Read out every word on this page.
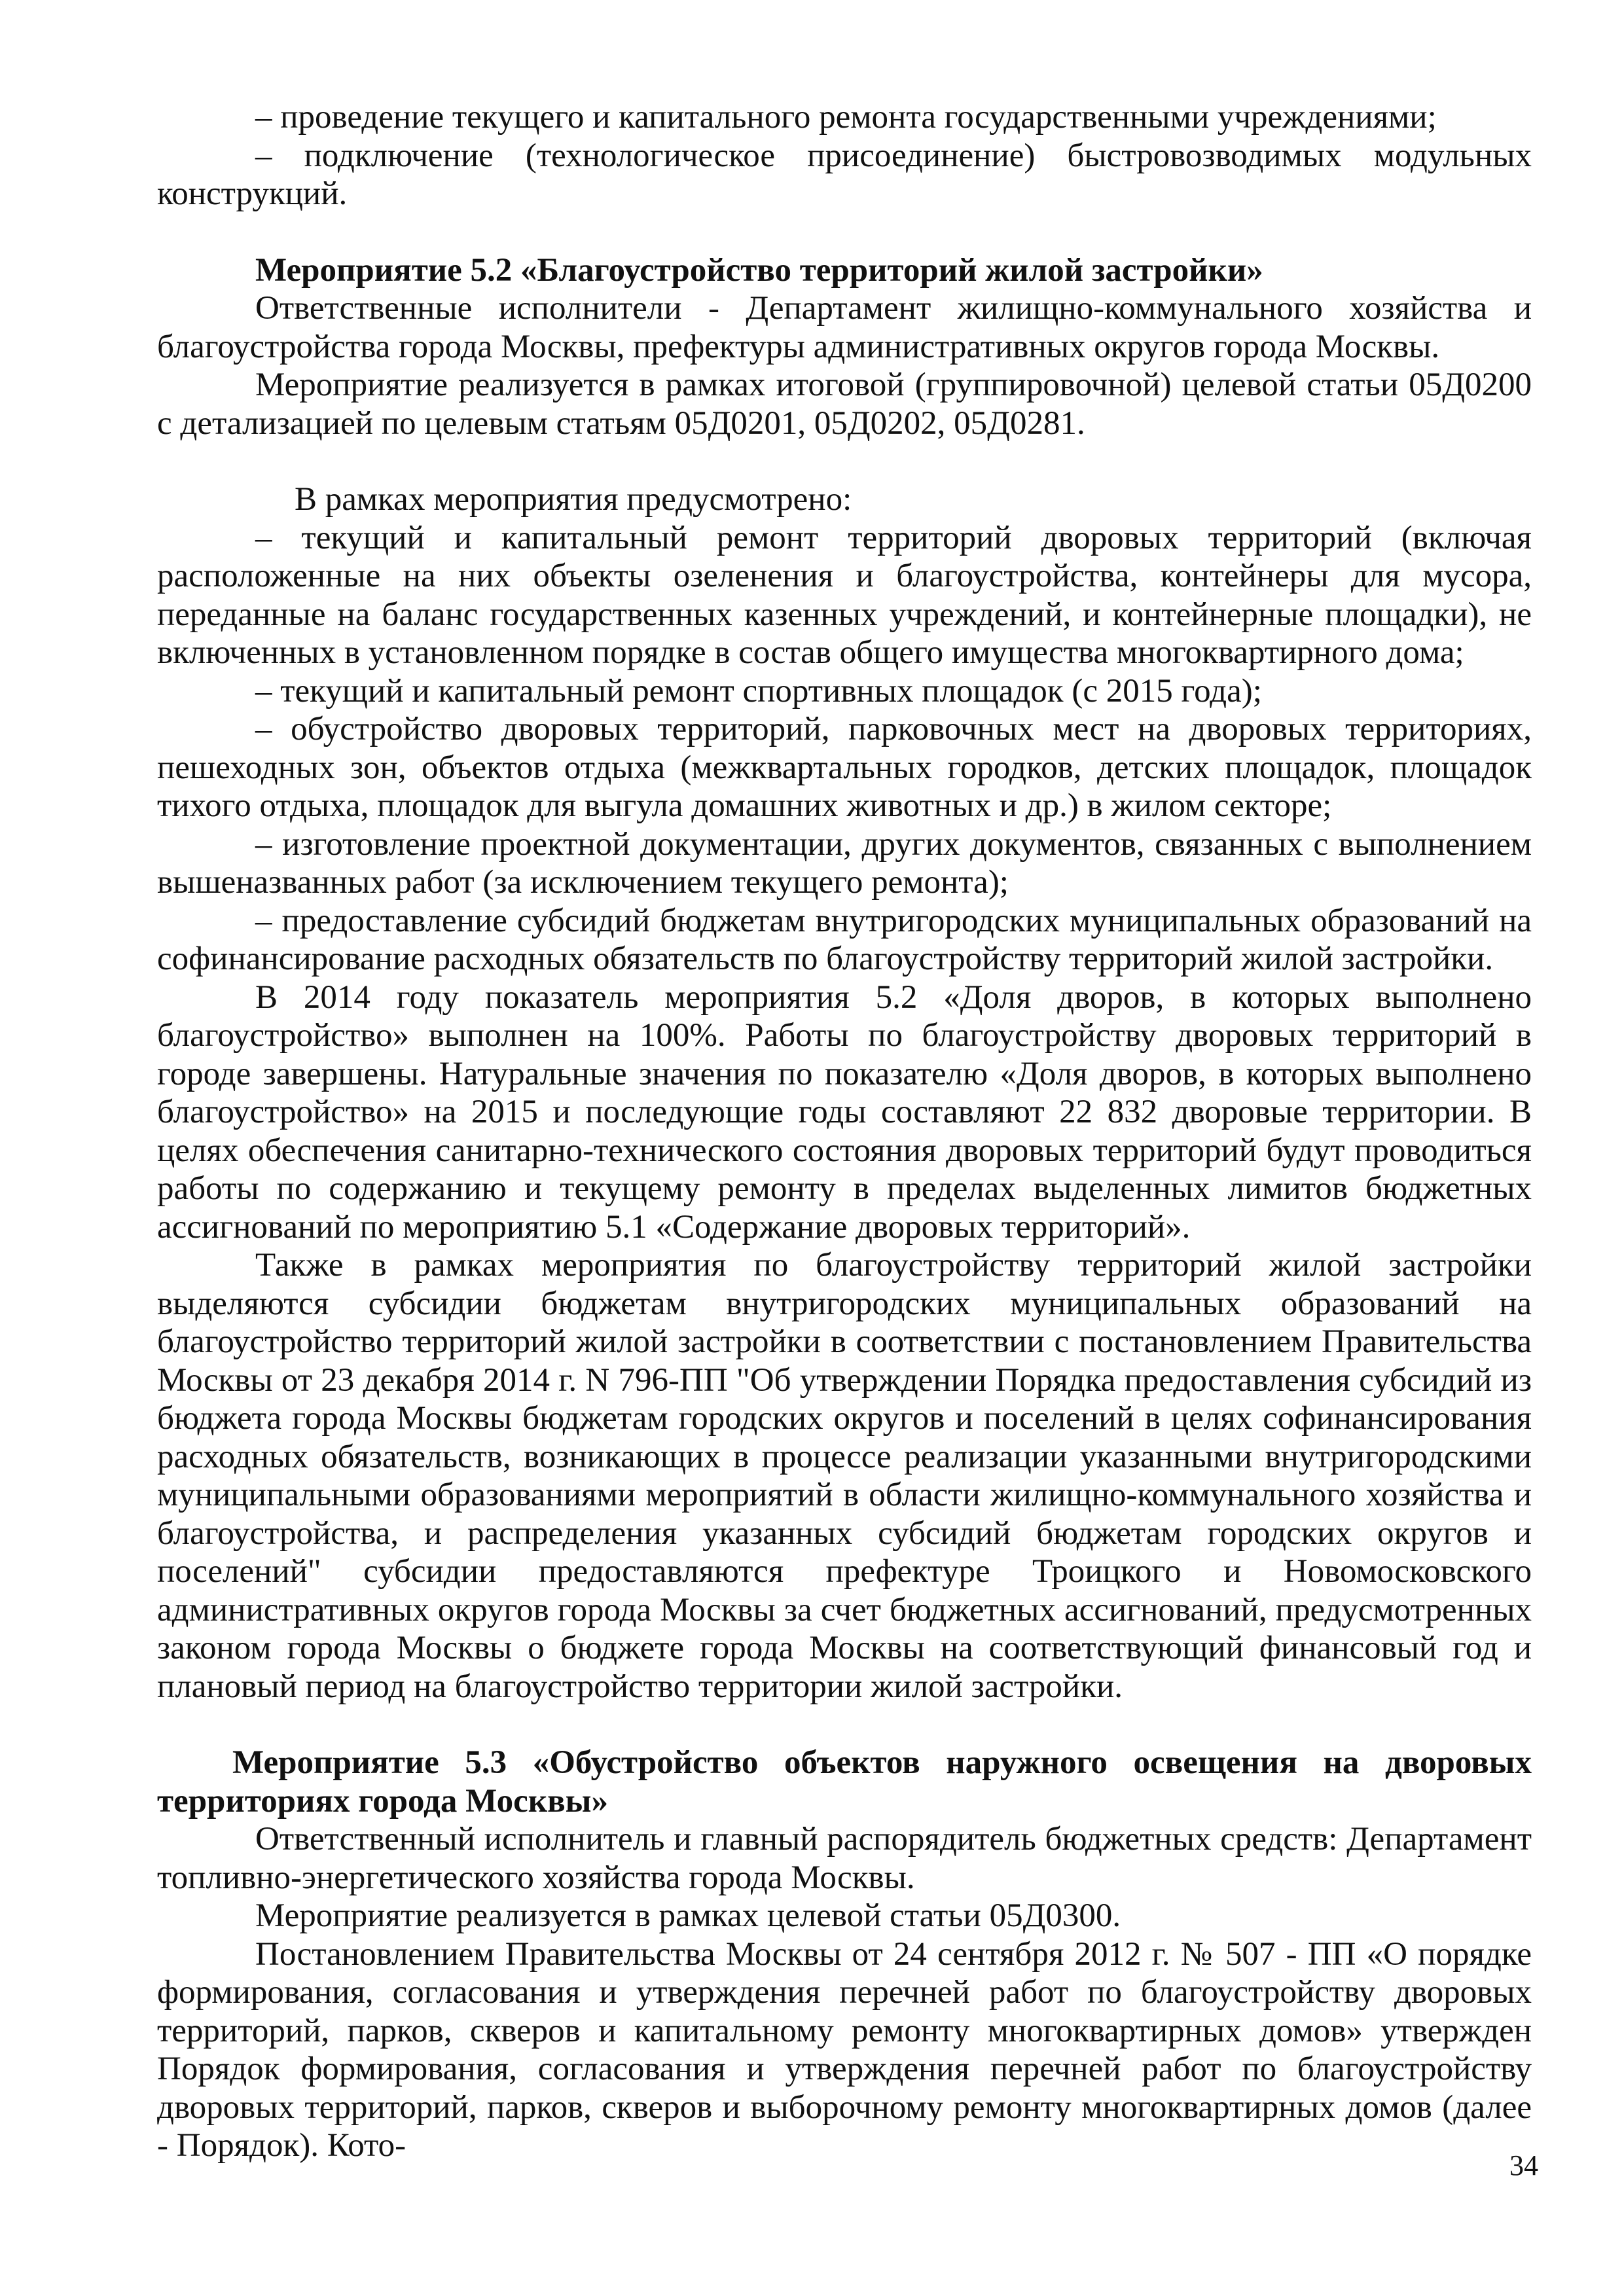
– проведение текущего и капитального ремонта государственными учреждениями;

– подключение (технологическое присоединение) быстровозводимых модульных конструкций.

Мероприятие 5.2 «Благоустройство территорий жилой застройки»

Ответственные исполнители - Департамент жилищно-коммунального хозяйства и благоустройства города Москвы, префектуры административных округов города Москвы.

Мероприятие реализуется в рамках итоговой (группировочной) целевой статьи 05Д0200 с детализацией по целевым статьям 05Д0201, 05Д0202, 05Д0281.

В рамках мероприятия предусмотрено:

– текущий и капитальный ремонт территорий дворовых территорий (включая расположенные на них объекты озеленения и благоустройства, контейнеры для мусора, переданные на баланс государственных казенных учреждений, и контейнерные площадки), не включенных в установленном порядке в состав общего имущества многоквартирного дома;

– текущий и капитальный ремонт спортивных площадок (с 2015 года);

– обустройство дворовых территорий, парковочных мест на дворовых территориях, пешеходных зон, объектов отдыха (межквартальных городков, детских площадок, площадок тихого отдыха, площадок для выгула домашних животных и др.) в жилом секторе;

– изготовление проектной документации, других документов, связанных с выполнением вышеназванных работ (за исключением текущего ремонта);

– предоставление субсидий бюджетам внутригородских муниципальных образований на софинансирование расходных обязательств по благоустройству территорий жилой застройки.

В 2014 году показатель мероприятия 5.2 «Доля дворов, в которых выполнено благоустройство» выполнен на 100%. Работы по благоустройству дворовых территорий в городе завершены. Натуральные значения по показателю «Доля дворов, в которых выполнено благоустройство» на 2015 и последующие годы составляют 22 832 дворовые территории. В целях обеспечения санитарно-технического состояния дворовых территорий будут проводиться работы по содержанию и текущему ремонту в пределах выделенных лимитов бюджетных ассигнований по мероприятию 5.1 «Содержание дворовых территорий».

Также в рамках мероприятия по благоустройству территорий жилой застройки выделяются субсидии бюджетам внутригородских муниципальных образований на благоустройство территорий жилой застройки в соответствии с постановлением Правительства Москвы от 23 декабря 2014 г. N 796-ПП "Об утверждении Порядка предоставления субсидий из бюджета города Москвы бюджетам городских округов и поселений в целях софинансирования расходных обязательств, возникающих в процессе реализации указанными внутригородскими муниципальными образованиями мероприятий в области жилищно-коммунального хозяйства и благоустройства, и распределения указанных субсидий бюджетам городских округов и поселений" субсидии предоставляются префектуре Троицкого и Новомосковского административных округов города Москвы за счет бюджетных ассигнований, предусмотренных законом города Москвы о бюджете города Москвы на соответствующий финансовый год и плановый период на благоустройство территории жилой застройки.

Мероприятие 5.3 «Обустройство объектов наружного освещения на дворовых территориях города Москвы»

Ответственный исполнитель и главный распорядитель бюджетных средств: Департамент топливно-энергетического хозяйства города Москвы.

Мероприятие реализуется в рамках целевой статьи 05Д0300.

Постановлением Правительства Москвы от 24 сентября 2012 г. № 507 - ПП «О порядке формирования, согласования и утверждения перечней работ по благоустройству дворовых территорий, парков, скверов и капитальному ремонту многоквартирных домов» утвержден Порядок формирования, согласования и утверждения перечней работ по благоустройству дворовых территорий, парков, скверов и выборочному ремонту многоквартирных домов (далее - Порядок). Кото-

34
